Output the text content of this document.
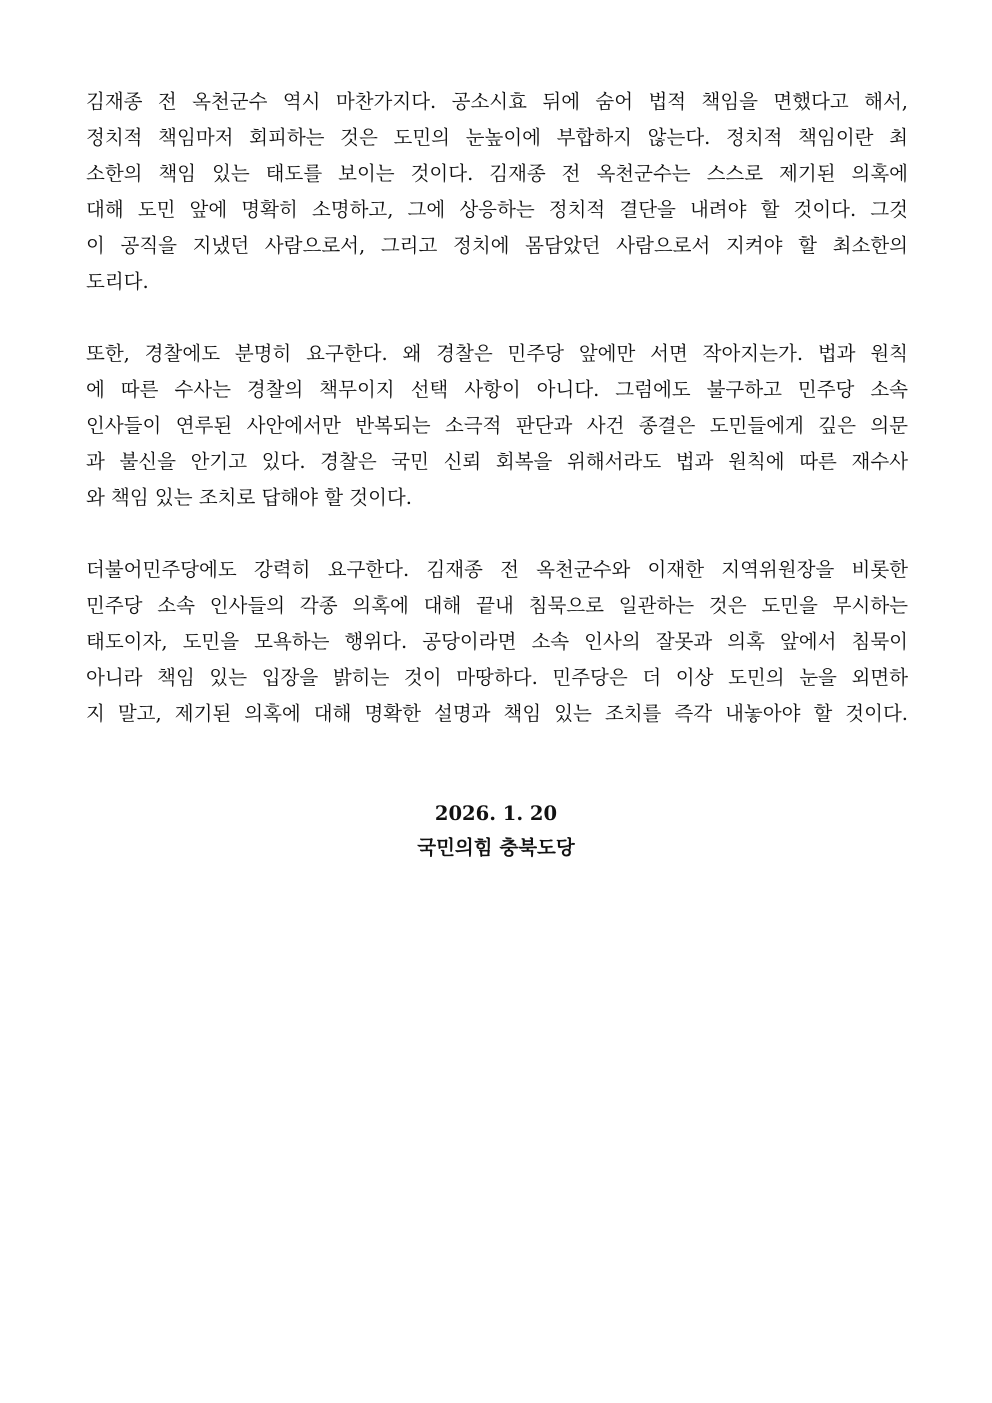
김재종 전 옥천군수 역시 마찬가지다. 공소시효 뒤에 숨어 법적 책임을 면했다고 해서,
정치적 책임마저 회피하는 것은 도민의 눈높이에 부합하지 않는다. 정치적 책임이란 최
소한의 책임 있는 태도를 보이는 것이다. 김재종 전 옥천군수는 스스로 제기된 의혹에
대해 도민 앞에 명확히 소명하고, 그에 상응하는 정치적 결단을 내려야 할 것이다. 그것
이 공직을 지냈던 사람으로서, 그리고 정치에 몸담았던 사람으로서 지켜야 할 최소한의
도리다.
또한, 경찰에도 분명히 요구한다. 왜 경찰은 민주당 앞에만 서면 작아지는가. 법과 원칙
에 따른 수사는 경찰의 책무이지 선택 사항이 아니다. 그럼에도 불구하고 민주당 소속
인사들이 연루된 사안에서만 반복되는 소극적 판단과 사건 종결은 도민들에게 깊은 의문
과 불신을 안기고 있다. 경찰은 국민 신뢰 회복을 위해서라도 법과 원칙에 따른 재수사
와 책임 있는 조치로 답해야 할 것이다.
더불어민주당에도 강력히 요구한다. 김재종 전 옥천군수와 이재한 지역위원장을 비롯한
민주당 소속 인사들의 각종 의혹에 대해 끝내 침묵으로 일관하는 것은 도민을 무시하는
태도이자, 도민을 모욕하는 행위다. 공당이라면 소속 인사의 잘못과 의혹 앞에서 침묵이
아니라 책임 있는 입장을 밝히는 것이 마땅하다. 민주당은 더 이상 도민의 눈을 외면하
지 말고, 제기된 의혹에 대해 명확한 설명과 책임 있는 조치를 즉각 내놓아야 할 것이다.
2026. 1. 20
국민의힘 충북도당
